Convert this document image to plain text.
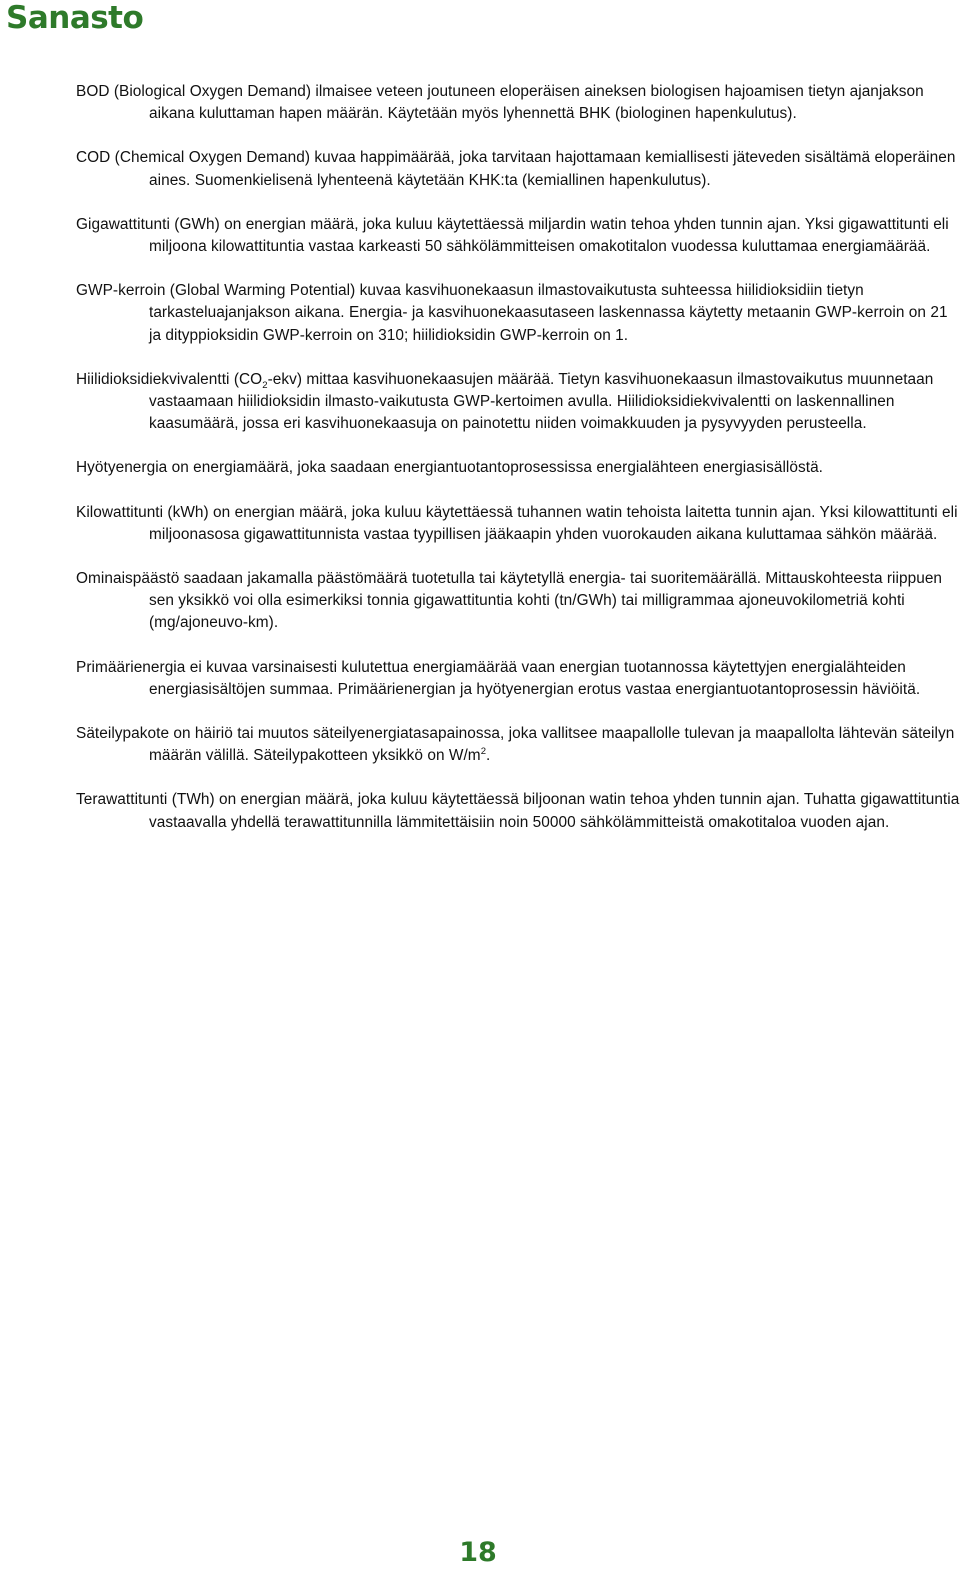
Sanasto

BOD (Biological Oxygen Demand) ilmaisee veteen joutuneen eloperäisen aineksen biologisen hajoamisen tietyn ajanjakson aikana kuluttaman hapen määrän. Käytetään myös lyhennettä BHK (biologinen hapenkulutus).

COD (Chemical Oxygen Demand) kuvaa happimäärää, joka tarvitaan hajottamaan kemiallisesti jäteveden sisältämä eloperäinen aines. Suomenkielisenä lyhenteenä käytetään KHK:ta (kemiallinen hapenkulutus).

Gigawattitunti (GWh) on energian määrä, joka kuluu käytettäessä miljardin watin tehoa yhden tunnin ajan. Yksi gigawattitunti eli miljoona kilowattituntia vastaa karkeasti 50 sähkölämmitteisen omakotitalon vuodessa kuluttamaa energiamäärää.

GWP-kerroin (Global Warming Potential) kuvaa kasvihuonekaasun ilmastovaikutusta suhteessa hiilidioksidiin tietyn tarkasteluajanjakson aikana. Energia- ja kasvihuonekaasutaseen laskennassa käytetty metaanin GWP-kerroin on 21 ja dityppioksidin GWP-kerroin on 310; hiilidioksidin GWP-kerroin on 1.

Hiilidioksidiekvivalentti $(CO_2-ekv)$ mittaa kasvihuonekaasujen määrää. Tietyn kasvihuonekaasun ilmastovaikutus muunnetaan vastaamaan hiilidioksidin ilmasto-vaikutusta GWP-kertoimen avulla. Hiilidioksidiekvivalentti on laskennallinen kaasumäärä, jossa eri kasvihuonekaasuja on painotettu niiden voimakkuuden ja pysyvyyden perusteella.

Hyötyenergia on energiamäärä, joka saadaan energiantuotantoprosessissa energialähteen energiasisällöstä.

Kilowattitunti (kWh) on energian määrä, joka kuluu käytettäessä tuhannen watin tehoista laitetta tunnin ajan. Yksi kilowattitunti eli miljoonasosa gigawattitunnista vastaa tyypillisen jääkaapin yhden vuorokauden aikana kuluttamaa sähkön määrää.

Ominaispäästö saadaan jakamalla päästömäärä tuotetulla tai käytetyllä energia- tai suoritemäärällä. Mittauskohteesta riippuen sen yksikkö voi olla esimerkiksi tonnia gigawattituntia kohti (tn/GWh) tai milligrammaa ajoneuvokilometriä kohti (mg/ajoneuvo-km).

Primäärienergia ei kuvaa varsinaisesti kulutettua energiamäärää vaan energian tuotannossa käytettyjen energialähteiden energiasisältöjen summaa. Primäärienergian ja hyötyenergian erotus vastaa energiantuotantoprosessin häviöitä.

Säteilypakote on häiriö tai muutos säteilyenergiatasapainossa, joka vallitsee maapallolle tulevan ja maapallolta lähtevän säteilyn määrän välillä. Säteilypakotteen yksikkö on $W/m^2$.

Terawattitunti (TWh) on energian määrä, joka kuluu käytettäessä biljoonan watin tehoa yhden tunnin ajan. Tuhatta gigawattituntia vastaavalla yhdellä terawattitunnilla lämmitettäisiin noin 50000 sähkölämmitteistä omakotitaloa vuoden ajan.

18
